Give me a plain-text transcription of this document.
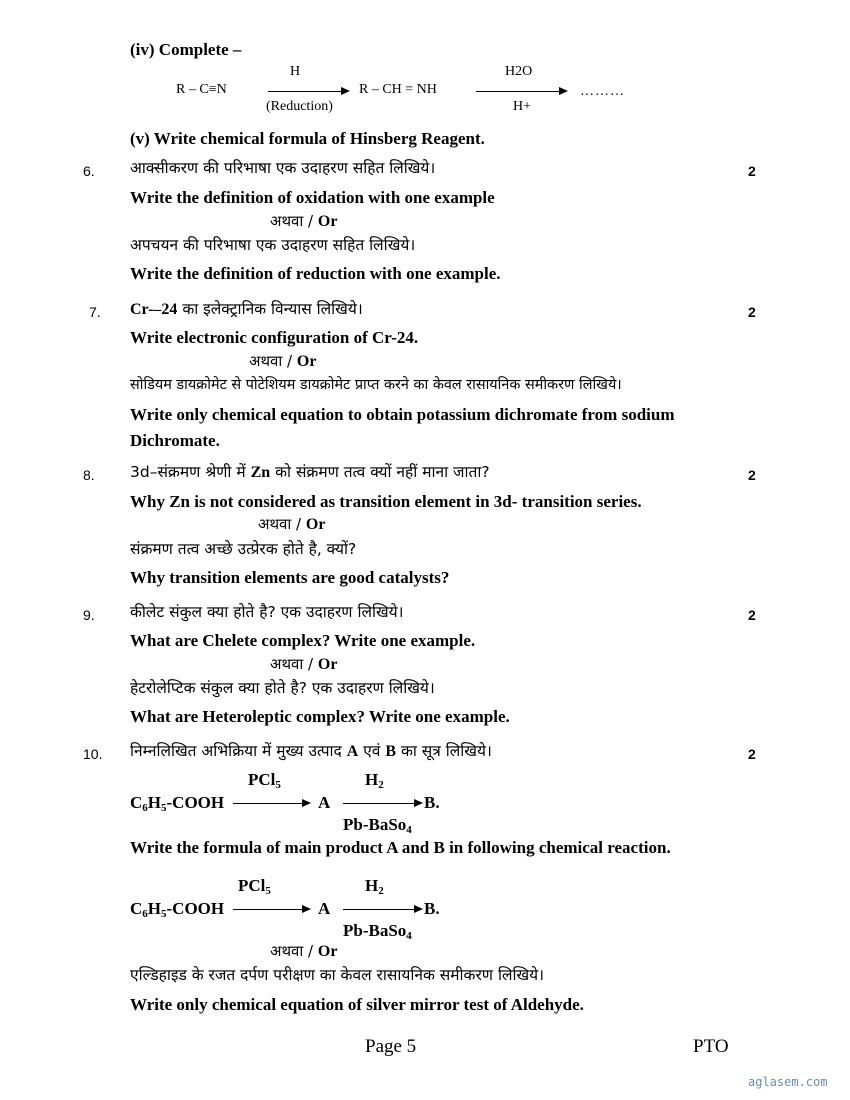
(iv) Complete –
R – C≡N
H
(Reduction)
R – CH = NH
H2O
H+
………
(v) Write chemical formula of Hinsberg Reagent.
6. आक्सीकरण की परिभाषा एक उदाहरण सहित लिखिये।	2
Write the definition of oxidation with one example
अथवा / Or
अपचयन की परिभाषा एक उदाहरण सहित लिखिये।
Write the definition of reduction with one example.
7. Cr-–24 का इलेक्ट्रानिक विन्यास लिखिये।	2
Write electronic configuration of Cr-24.
अथवा / Or
सोडियम डायक्रोमेट से पोटेशियम डायक्रोमेट प्राप्त करने का केवल रासायनिक समीकरण लिखिये।
Write only chemical equation to obtain potassium dichromate from sodium
Dichromate.
8. 3d–संक्रमण श्रेणी में Zn को संक्रमण तत्व क्यों नहीं माना जाता?	2
Why Zn is not considered as transition element in 3d- transition series.
अथवा / Or
संक्रमण तत्व अच्छे उत्प्रेरक होते है, क्यों?
Why transition elements are good catalysts?
9. कीलेट संकुल क्या होते है? एक उदाहरण लिखिये।	2
What are Chelete complex? Write one example.
अथवा / Or
हेटरोलेप्टिक संकुल क्या होते है? एक उदाहरण लिखिये।
What are Heteroleptic complex? Write one example.
10. निम्नलिखित अभिक्रिया में मुख्य उत्पाद A एवं B का सूत्र लिखिये।	2
PCl$_5$	$H_2$
$C_6H_5$-COOH	A	B.
Pb-BaSo$_4$
Write the formula of main product A and B in following chemical reaction.
PCl$_5$	$H_2$
$C_6H_5$-COOH	A	B.
Pb-BaSo$_4$
अथवा / Or
एल्डिहाइड के रजत दर्पण परीक्षण का केवल रासायनिक समीकरण लिखिये।
Write only chemical equation of silver mirror test of Aldehyde.
Page 5	PTO
aglasem.com
